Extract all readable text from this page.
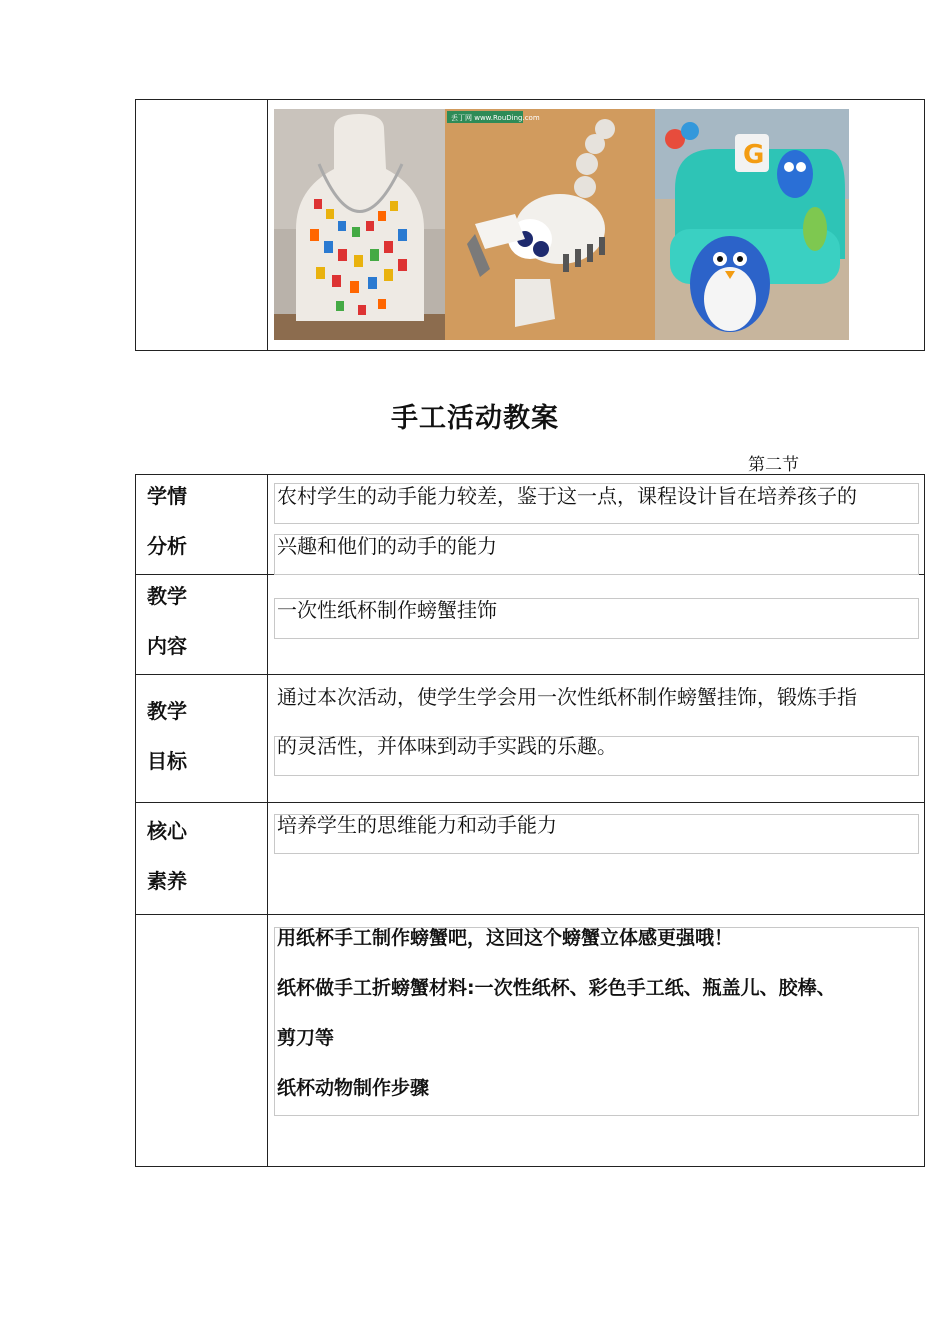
丢丁网 www.RouDing.com
G
手工活动教案
第二节
学情
分析
农村学生的动手能力较差，鉴于这一点，课程设计旨在培养孩子的
兴趣和他们的动手的能力
教学
内容
一次性纸杯制作螃蟹挂饰
教学
目标
通过本次活动，使学生学会用一次性纸杯制作螃蟹挂饰，锻炼手指
的灵活性，并体味到动手实践的乐趣。
核心
素养
培养学生的思维能力和动手能力
用纸杯手工制作螃蟹吧，这回这个螃蟹立体感更强哦！
纸杯做手工折螃蟹材料:一次性纸杯、彩色手工纸、瓶盖儿、胶棒、
剪刀等
纸杯动物制作步骤
